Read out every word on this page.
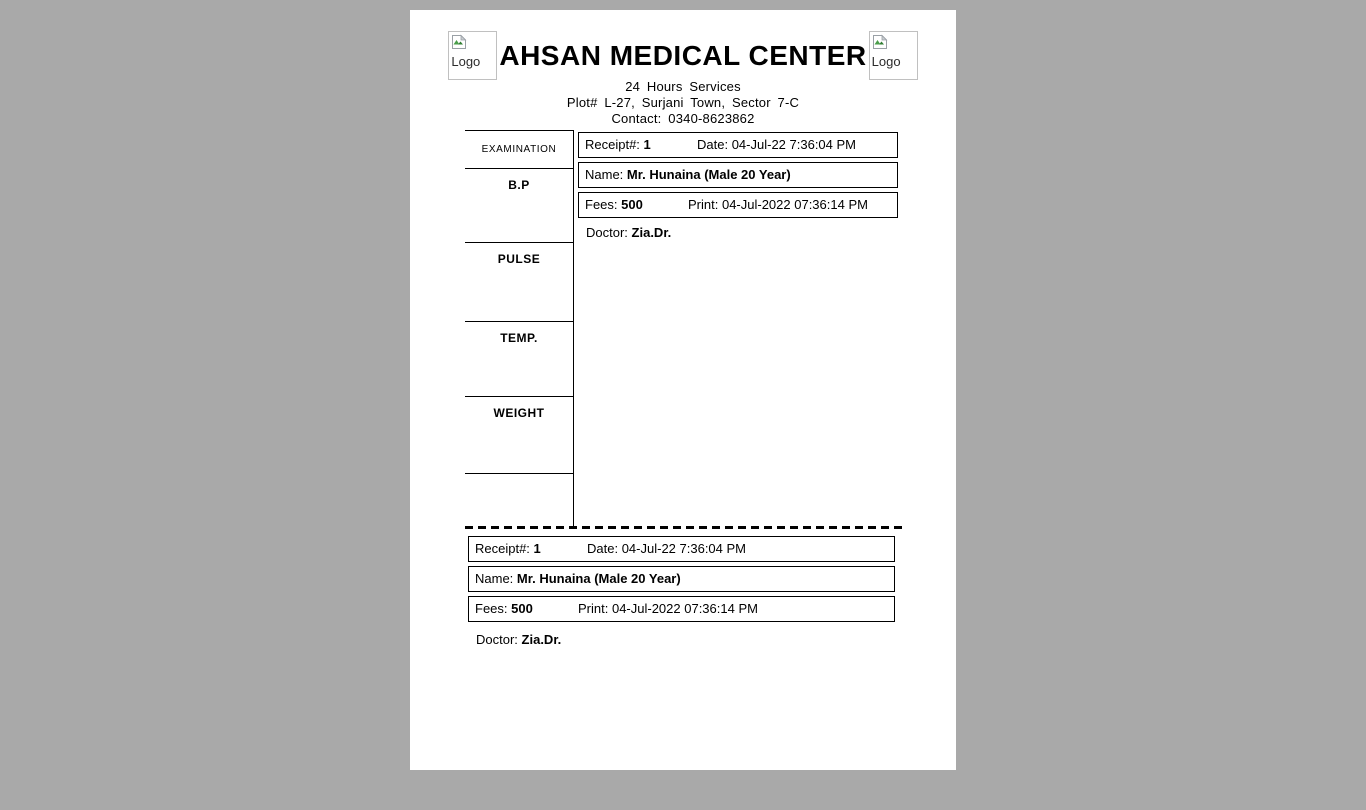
Logo AHSAN MEDICAL CENTER Logo
24 Hours Services
Plot# L-27, Surjani Town, Sector 7-C
Contact: 0340-8623862
EXAMINATION
B.P
PULSE
TEMP.
WEIGHT
Receipt#: 1	Date: 04-Jul-22 7:36:04 PM
Name: Mr. Hunaina (Male 20 Year)
Fees: 500	Print: 04-Jul-2022 07:36:14 PM
Doctor: Zia.Dr.
Receipt#: 1	Date: 04-Jul-22 7:36:04 PM
Name: Mr. Hunaina (Male 20 Year)
Fees: 500	Print: 04-Jul-2022 07:36:14 PM
Doctor: Zia.Dr.
